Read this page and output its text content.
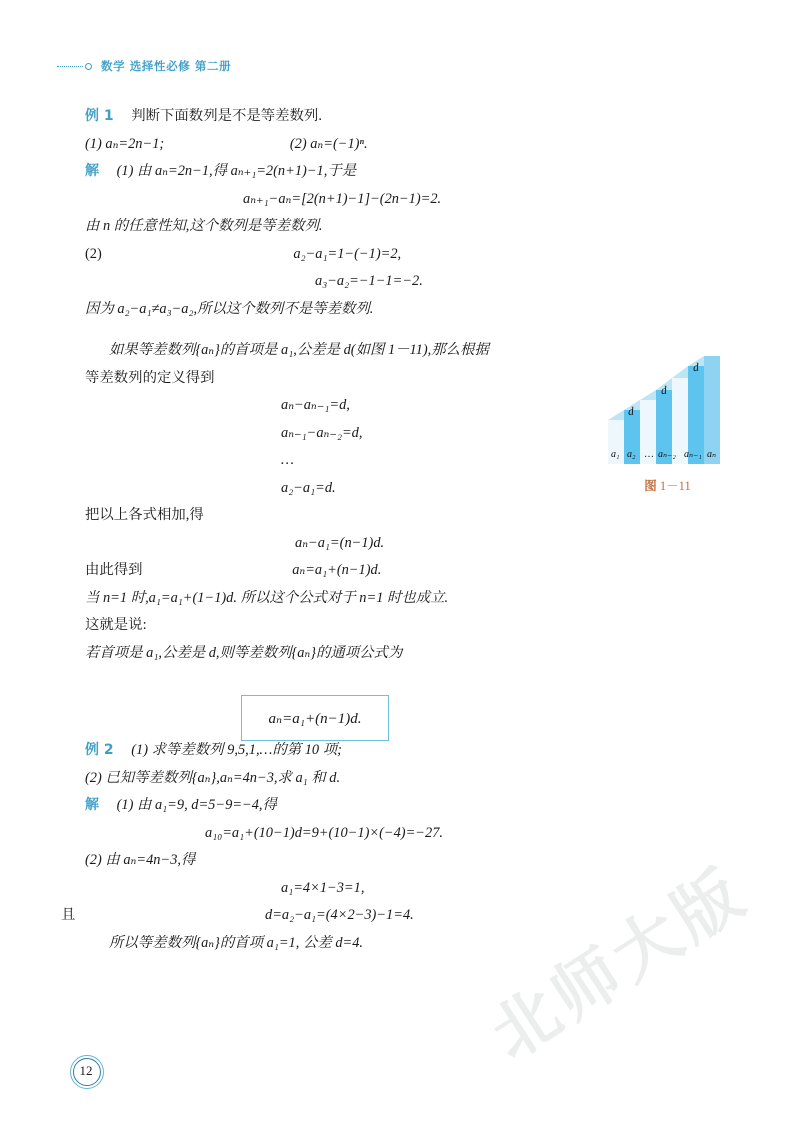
北师大版
数学 选择性必修 第二册
例 1 判断下面数列是不是等差数列.
(1) aₙ=2n−1;	(2) aₙ=(−1)ⁿ.
解 (1) 由 aₙ=2n−1,得 aₙ₊₁=2(n+1)−1,于是
aₙ₊₁−aₙ=[2(n+1)−1]−(2n−1)=2.
由 n 的任意性知,这个数列是等差数列.
(2)	a₂−a₁=1−(−1)=2,
a₃−a₂=−1−1=−2.
因为 a₂−a₁≠a₃−a₂,所以这个数列不是等差数列.
如果等差数列{aₙ}的首项是 a₁,公差是 d(如图 1－11),那么根据
等差数列的定义得到
aₙ−aₙ₋₁=d,
aₙ₋₁−aₙ₋₂=d,
…
a₂−a₁=d.
把以上各式相加,得
aₙ−a₁=(n−1)d.
由此得到	aₙ=a₁+(n−1)d.
当 n=1 时,a₁=a₁+(1−1)d. 所以这个公式对于 n=1 时也成立.
这就是说:
若首项是 a₁,公差是 d,则等差数列{aₙ}的通项公式为
例 2 (1) 求等差数列 9,5,1,…的第 10 项;
(2) 已知等差数列{aₙ},aₙ=4n−3,求 a₁ 和 d.
解 (1) 由 a₁=9, d=5−9=−4,得
a₁₀=a₁+(10−1)d=9+(10−1)×(−4)=−27.
(2) 由 aₙ=4n−3,得
a₁=4×1−3=1,
且	d=a₂−a₁=(4×2−3)−1=4.
所以等差数列{aₙ}的首项 a₁=1, 公差 d=4.
aₙ=a₁+(n−1)d.
d
d
d
a₁ a₂ … aₙ₋₂ aₙ₋₁ aₙ
图 1－11
12
